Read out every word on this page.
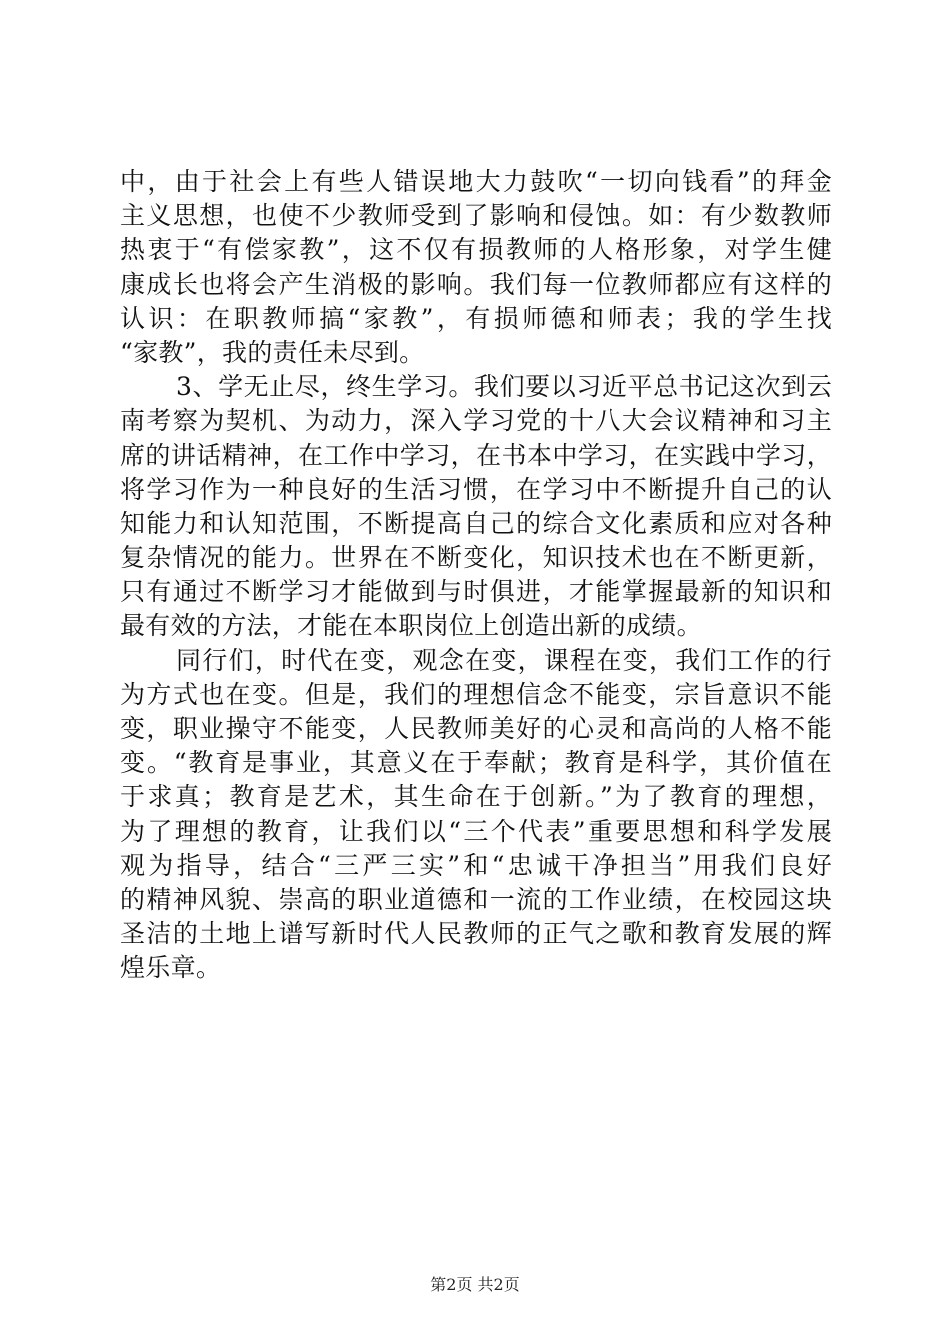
中，由于社会上有些人错误地大力鼓吹“一切向钱看”的拜金
主义思想，也使不少教师受到了影响和侵蚀。如：有少数教师
热衷于“有偿家教”，这不仅有损教师的人格形象，对学生健
康成长也将会产生消极的影响。我们每一位教师都应有这样的
认识：在职教师搞“家教”，有损师德和师表；我的学生找
“家教”，我的责任未尽到。
3、学无止尽，终生学习。我们要以习近平总书记这次到云
南考察为契机、为动力，深入学习党的十八大会议精神和习主
席的讲话精神，在工作中学习，在书本中学习，在实践中学习，
将学习作为一种良好的生活习惯，在学习中不断提升自己的认
知能力和认知范围，不断提高自己的综合文化素质和应对各种
复杂情况的能力。世界在不断变化，知识技术也在不断更新，
只有通过不断学习才能做到与时俱进，才能掌握最新的知识和
最有效的方法，才能在本职岗位上创造出新的成绩。
同行们，时代在变，观念在变，课程在变，我们工作的行
为方式也在变。但是，我们的理想信念不能变，宗旨意识不能
变，职业操守不能变，人民教师美好的心灵和高尚的人格不能
变。“教育是事业，其意义在于奉献；教育是科学，其价值在
于求真；教育是艺术，其生命在于创新。”为了教育的理想，
为了理想的教育，让我们以“三个代表”重要思想和科学发展
观为指导，结合“三严三实”和“忠诚干净担当”用我们良好
的精神风貌、崇高的职业道德和一流的工作业绩，在校园这块
圣洁的土地上谱写新时代人民教师的正气之歌和教育发展的辉
煌乐章。
第2页 共2页
